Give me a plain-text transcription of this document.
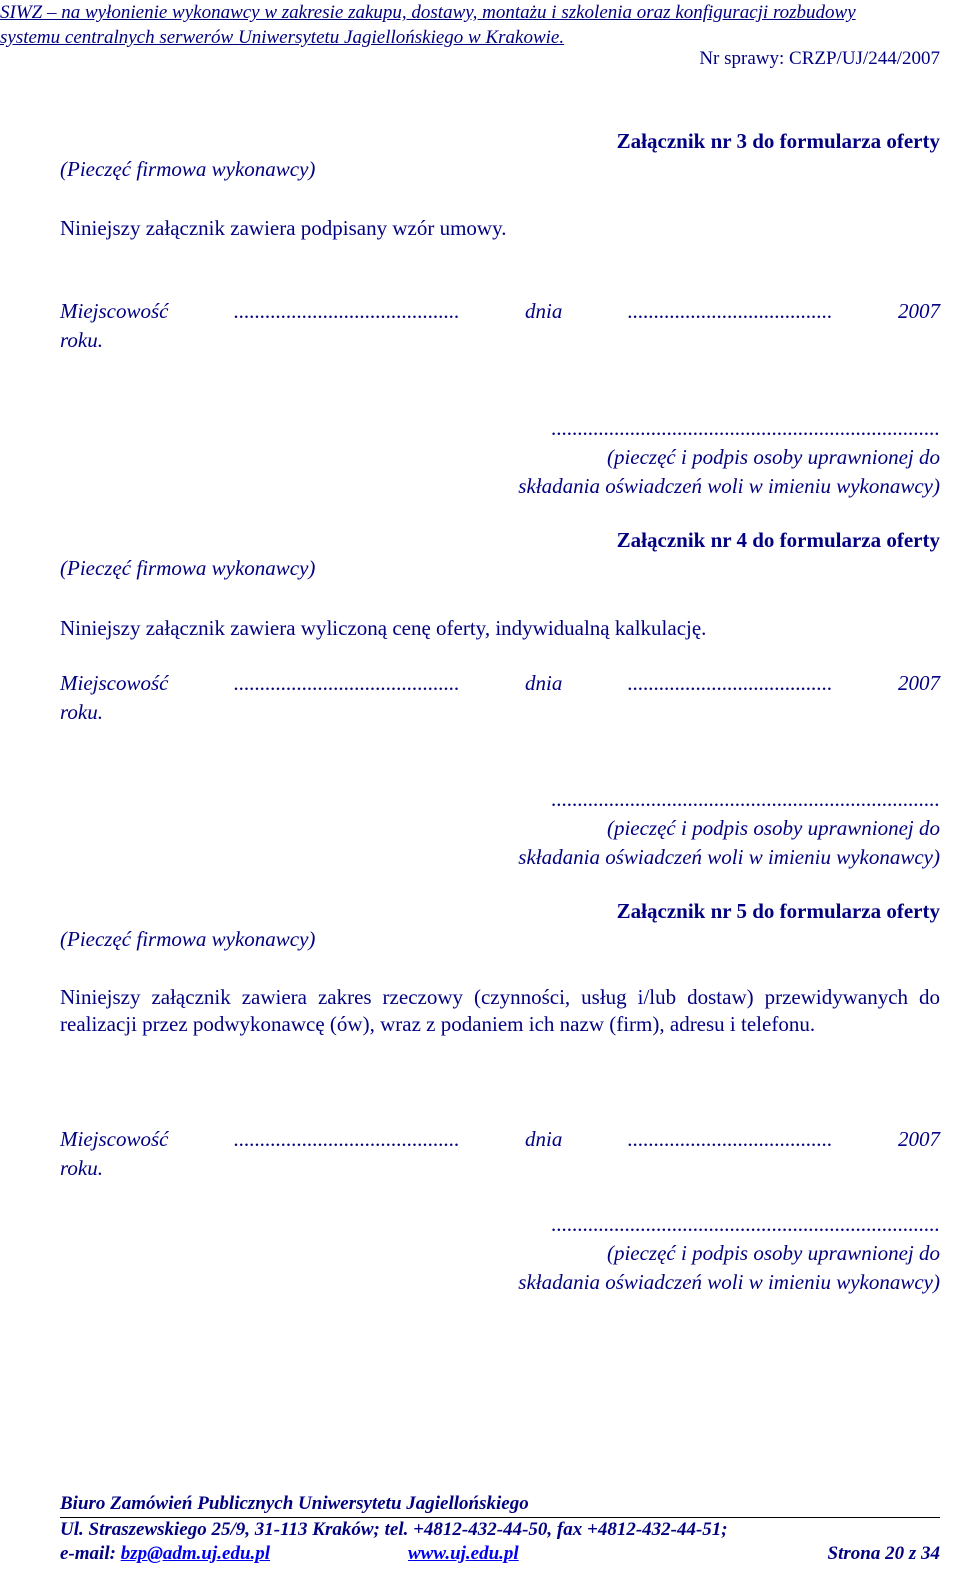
SIWZ – na wyłonienie wykonawcy w zakresie zakupu, dostawy, montażu i szkolenia oraz konfiguracji rozbudowy
systemu centralnych serwerów Uniwersytetu Jagiellońskiego w Krakowie.
Nr sprawy: CRZP/UJ/244/2007
Załącznik nr 3 do formularza oferty
(Pieczęć firmowa wykonawcy)
Niniejszy załącznik zawiera podpisany wzór umowy.
Miejscowość	...........................................	dnia	.......................................	2007
roku.
..........................................................................
(pieczęć i podpis osoby uprawnionej do
składania oświadczeń woli w imieniu wykonawcy)
Załącznik nr 4 do formularza oferty
(Pieczęć firmowa wykonawcy)
Niniejszy załącznik zawiera wyliczoną cenę oferty, indywidualną kalkulację.
Miejscowość	...........................................	dnia	.......................................	2007
roku.
..........................................................................
(pieczęć i podpis osoby uprawnionej do
składania oświadczeń woli w imieniu wykonawcy)
Załącznik nr 5 do formularza oferty
(Pieczęć firmowa wykonawcy)
Niniejszy załącznik zawiera zakres rzeczowy (czynności, usług i/lub dostaw) przewidywanych do realizacji przez podwykonawcę (ów), wraz z podaniem ich nazw (firm), adresu i telefonu.
Miejscowość	...........................................	dnia	.......................................	2007
roku.
..........................................................................
(pieczęć i podpis osoby uprawnionej do
składania oświadczeń woli w imieniu wykonawcy)
Biuro Zamówień Publicznych Uniwersytetu Jagiellońskiego
Ul. Straszewskiego 25/9, 31-113 Kraków; tel. +4812-432-44-50, fax +4812-432-44-51;
e-mail: bzp@adm.uj.edu.pl	www.uj.edu.pl	Strona 20 z 34
